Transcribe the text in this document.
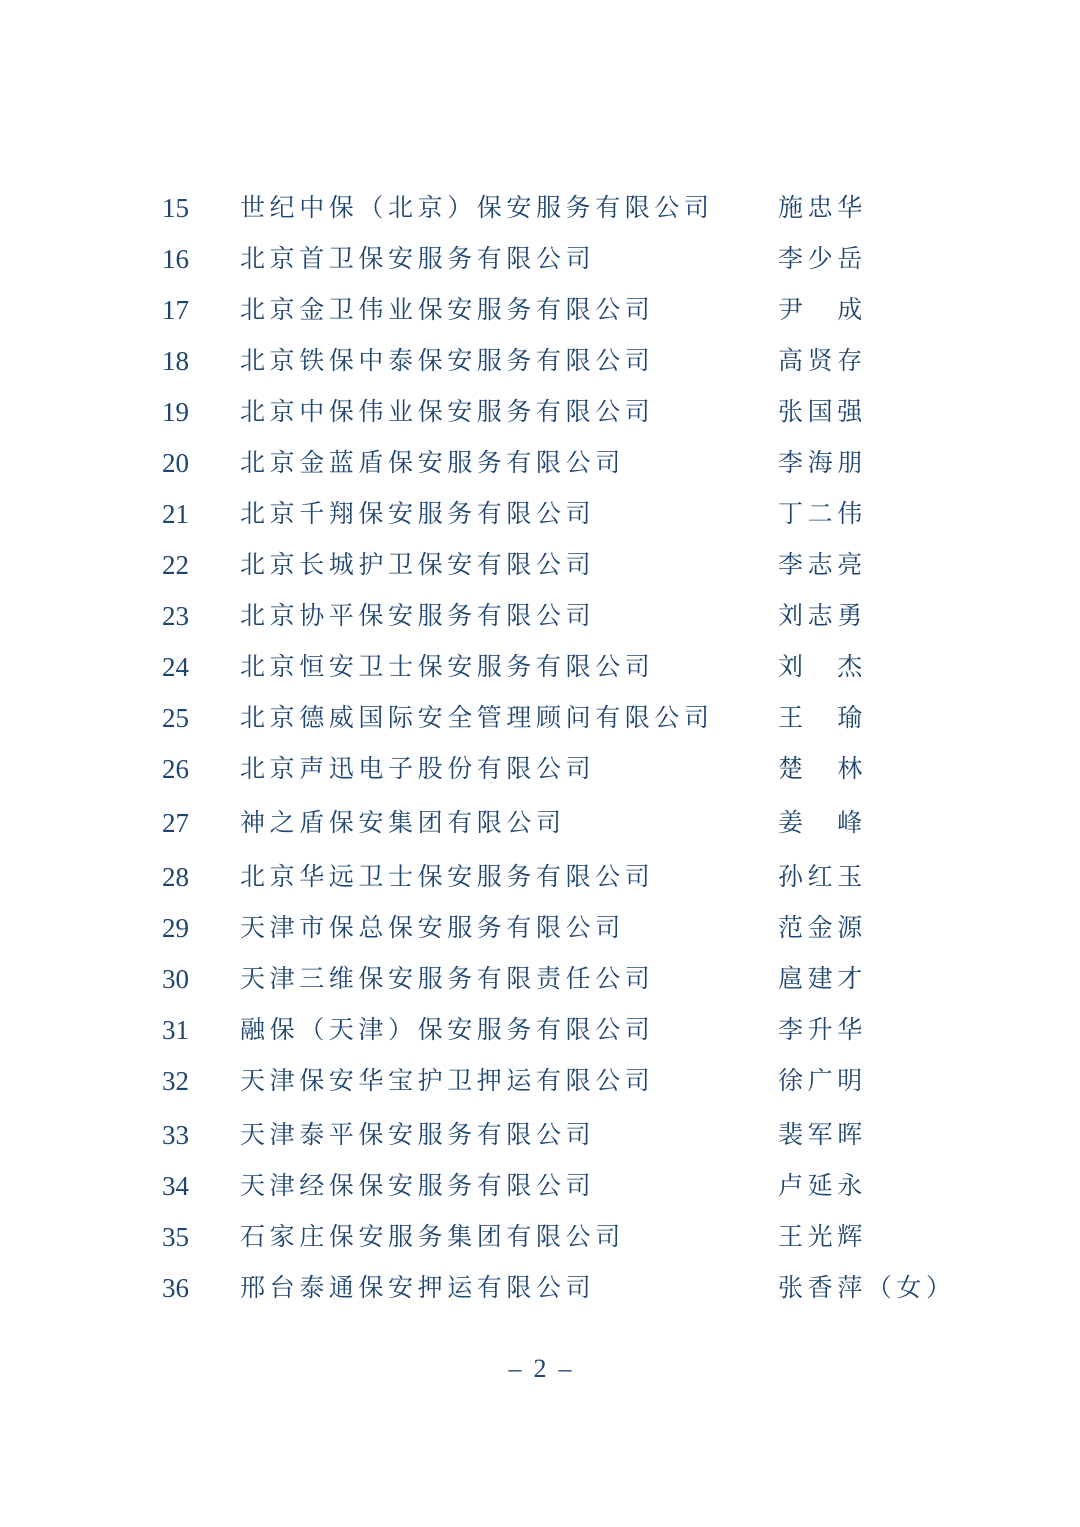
15 世纪中保（北京）保安服务有限公司	施忠华
16 北京首卫保安服务有限公司	李少岳
17 北京金卫伟业保安服务有限公司	尹　成
18 北京铁保中泰保安服务有限公司	高贤存
19 北京中保伟业保安服务有限公司	张国强
20 北京金蓝盾保安服务有限公司	李海朋
21 北京千翔保安服务有限公司	丁二伟
22 北京长城护卫保安有限公司	李志亮
23 北京协平保安服务有限公司	刘志勇
24 北京恒安卫士保安服务有限公司	刘　杰
25 北京德威国际安全管理顾问有限公司	王　瑜
26 北京声迅电子股份有限公司	楚　林
27 神之盾保安集团有限公司	姜　峰
28 北京华远卫士保安服务有限公司	孙红玉
29 天津市保总保安服务有限公司	范金源
30 天津三维保安服务有限责任公司	扈建才
31 融保（天津）保安服务有限公司	李升华
32 天津保安华宝护卫押运有限公司	徐广明
33 天津泰平保安服务有限公司	裴军晖
34 天津经保保安服务有限公司	卢延永
35 石家庄保安服务集团有限公司	王光辉
36 邢台泰通保安押运有限公司	张香萍（女）
– 2 –
